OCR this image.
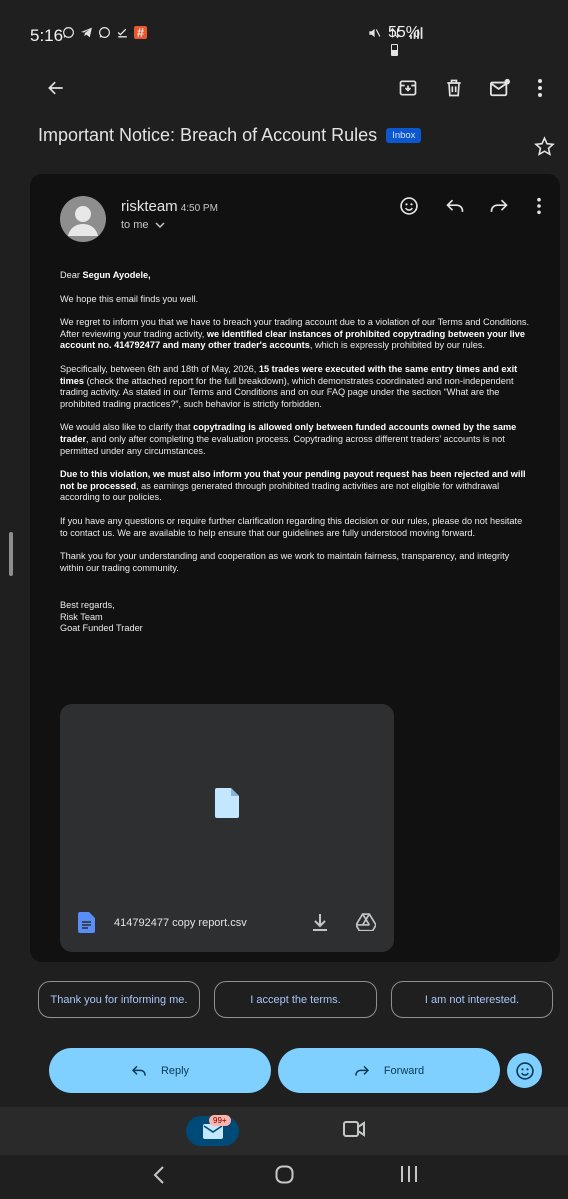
5:16	#	55%
Important Notice: Breach of Account Rules Inbox
riskteam 4:50 PM
to me

Dear Segun Ayodele,

We hope this email finds you well.

We regret to inform you that we have to breach your trading account due to a violation of our Terms and Conditions. After reviewing your trading activity, we identified clear instances of prohibited copytrading between your live account no. 414792477 and many other trader's accounts, which is expressly prohibited by our rules.

Specifically, between 6th and 18th of May, 2026, 15 trades were executed with the same entry times and exit times (check the attached report for the full breakdown), which demonstrates coordinated and non-independent trading activity. As stated in our Terms and Conditions and on our FAQ page under the section “What are the prohibited trading practices?”, such behavior is strictly forbidden.

We would also like to clarify that copytrading is allowed only between funded accounts owned by the same trader, and only after completing the evaluation process. Copytrading across different traders’ accounts is not permitted under any circumstances.

Due to this violation, we must also inform you that your pending payout request has been rejected and will not be processed, as earnings generated through prohibited trading activities are not eligible for withdrawal according to our policies.

If you have any questions or require further clarification regarding this decision or our rules, please do not hesitate to contact us. We are available to help ensure that our guidelines are fully understood moving forward.

Thank you for your understanding and cooperation as we work to maintain fairness, transparency, and integrity within our trading community.

Best regards,
Risk Team
Goat Funded Trader
414792477 copy report.csv
Thank you for informing me.	I accept the terms.	I am not interested.
Reply	Forward
99+
